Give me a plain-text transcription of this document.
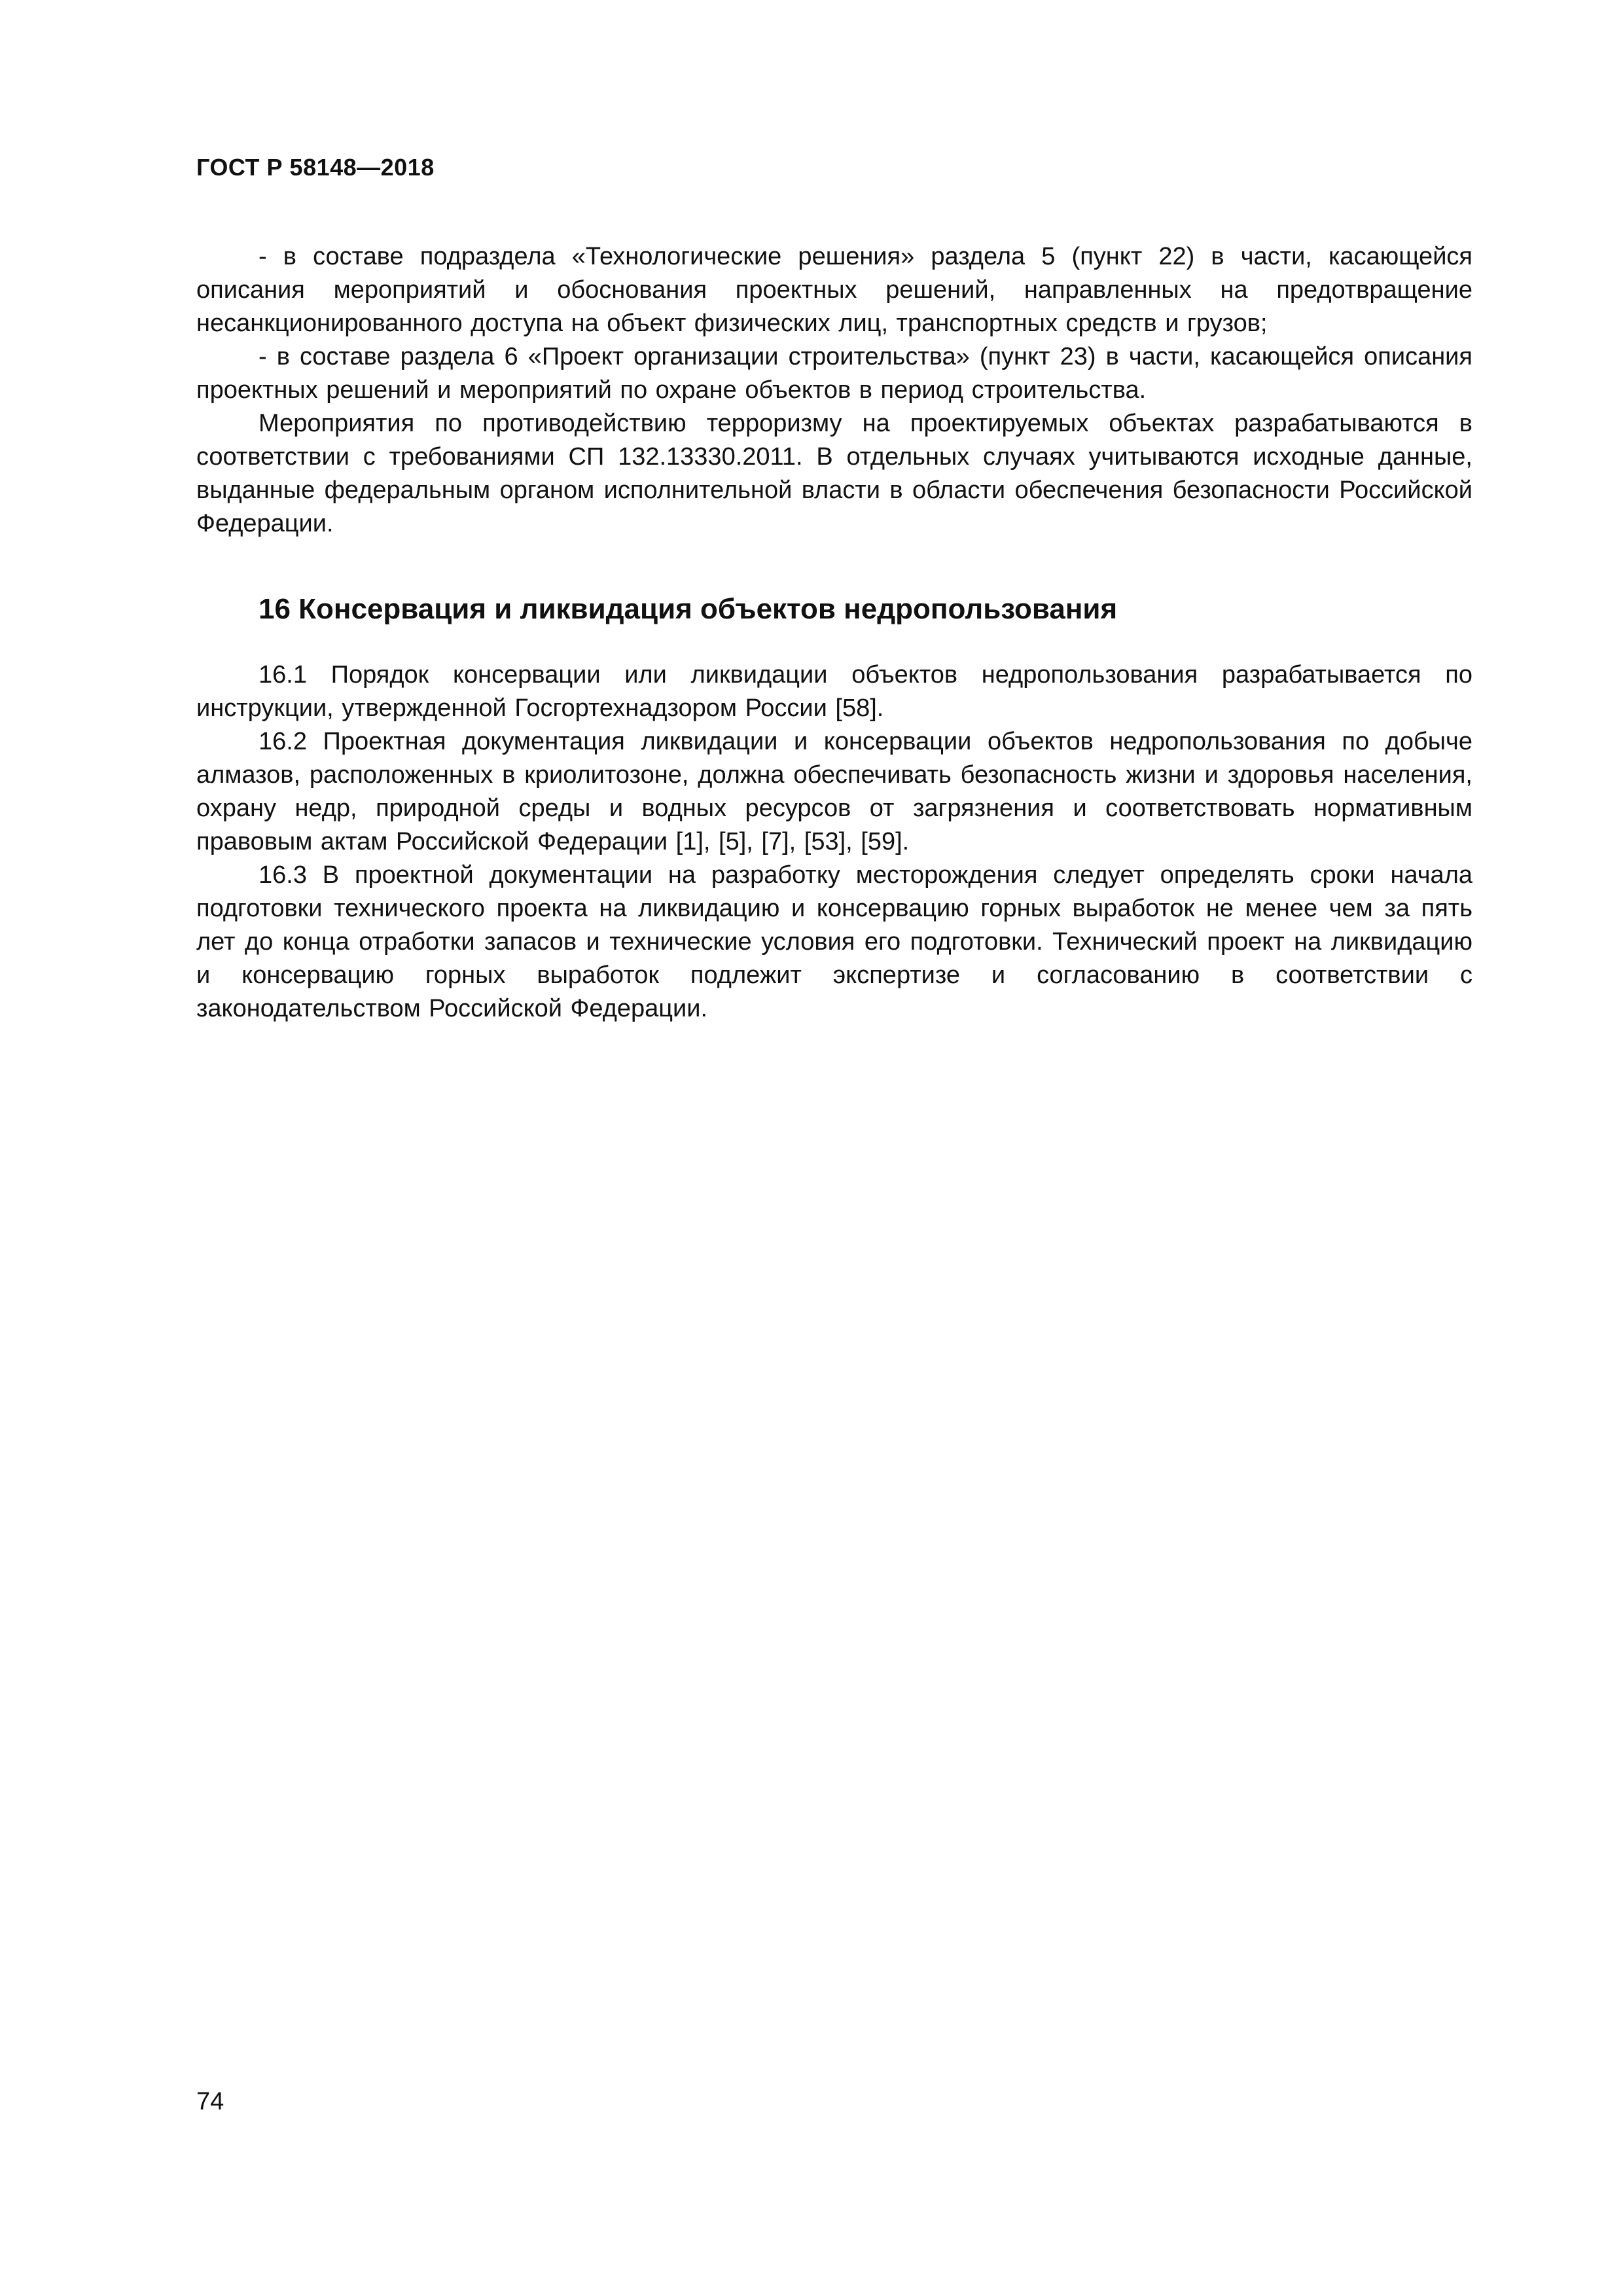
ГОСТ Р 58148—2018

- в составе подраздела «Технологические решения» раздела 5 (пункт 22) в части, касающейся описания мероприятий и обоснования проектных решений, направленных на предотвращение несанкционированного доступа на объект физических лиц, транспортных средств и грузов;

- в составе раздела 6 «Проект организации строительства» (пункт 23) в части, касающейся описания проектных решений и мероприятий по охране объектов в период строительства.

Мероприятия по противодействию терроризму на проектируемых объектах разрабатываются в соответствии с требованиями СП 132.13330.2011. В отдельных случаях учитываются исходные данные, выданные федеральным органом исполнительной власти в области обеспечения безопасности Российской Федерации.

16 Консервация и ликвидация объектов недропользования

16.1 Порядок консервации или ликвидации объектов недропользования разрабатывается по инструкции, утвержденной Госгортехнадзором России [58].

16.2 Проектная документация ликвидации и консервации объектов недропользования по добыче алмазов, расположенных в криолитозоне, должна обеспечивать безопасность жизни и здоровья населения, охрану недр, природной среды и водных ресурсов от загрязнения и соответствовать нормативным правовым актам Российской Федерации [1], [5], [7], [53], [59].

16.3 В проектной документации на разработку месторождения следует определять сроки начала подготовки технического проекта на ликвидацию и консервацию горных выработок не менее чем за пять лет до конца отработки запасов и технические условия его подготовки. Технический проект на ликвидацию и консервацию горных выработок подлежит экспертизе и согласованию в соответствии с законодательством Российской Федерации.

74
